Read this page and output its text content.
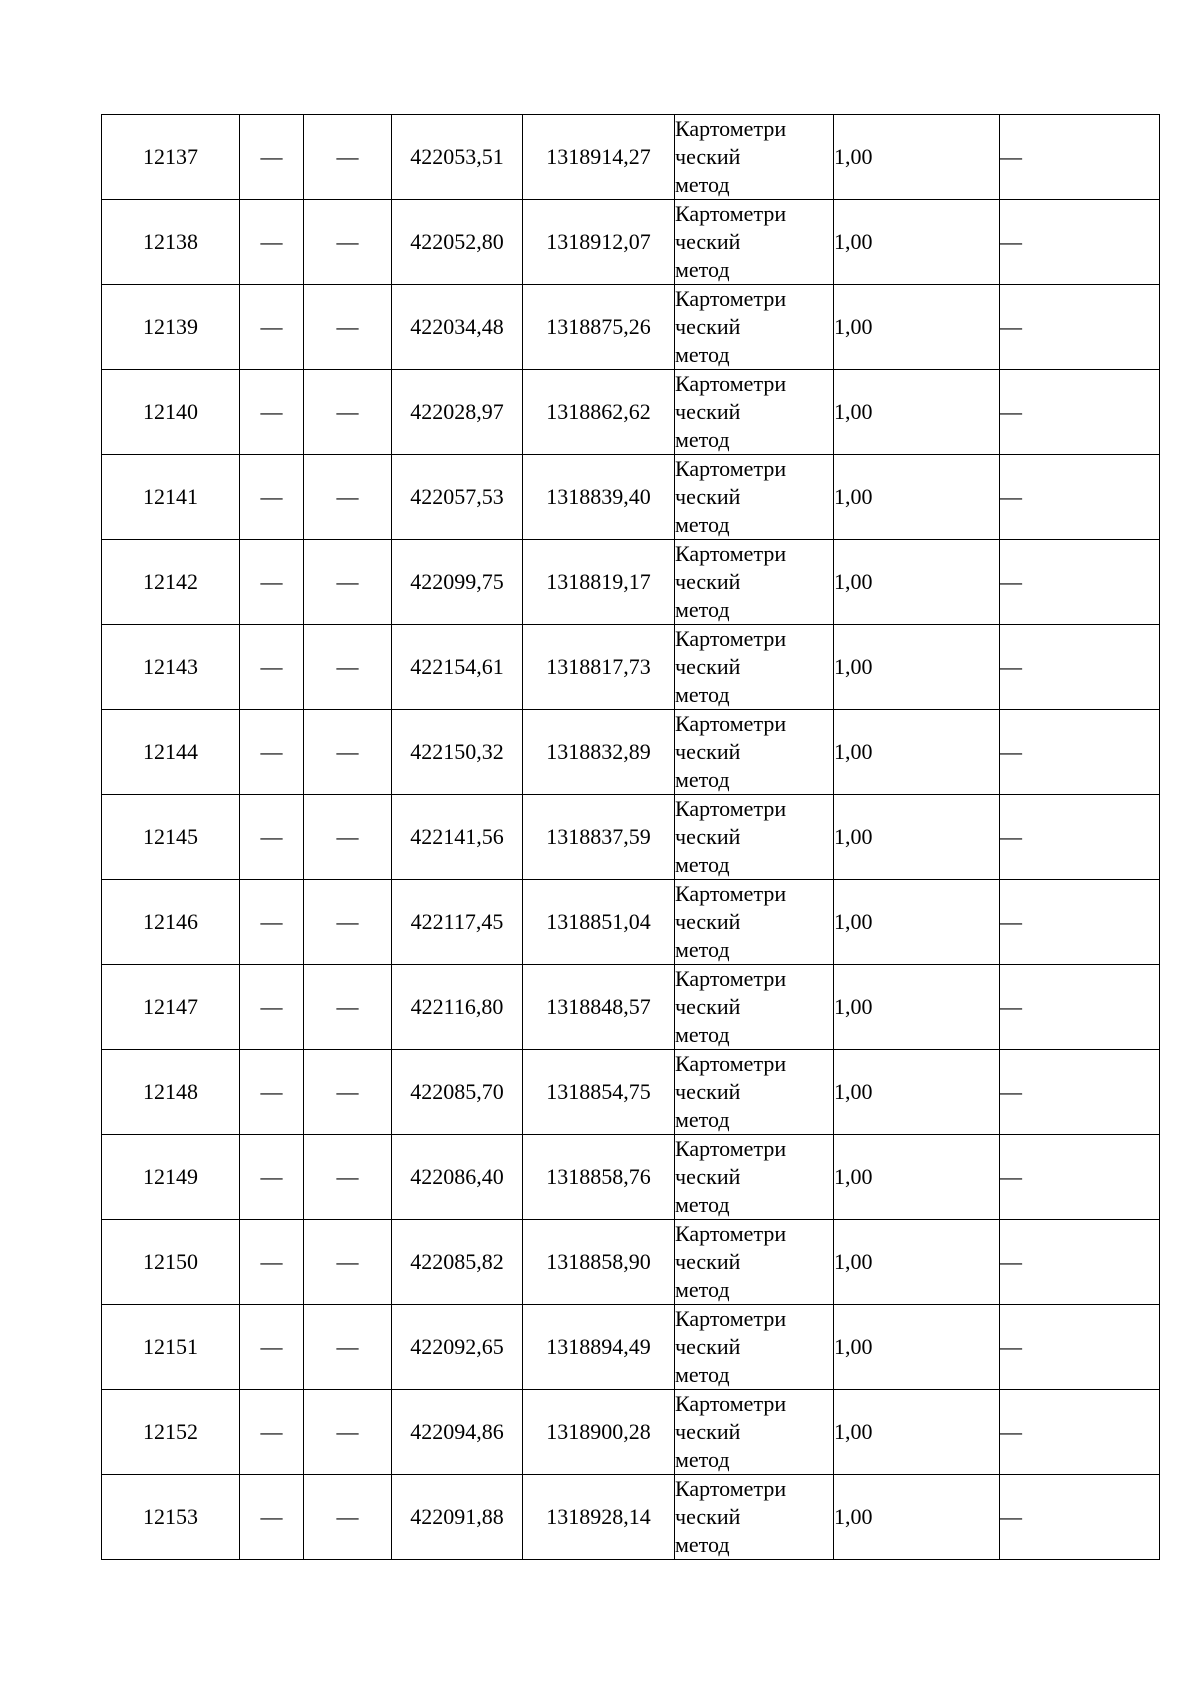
12137	—	—	422053,51	1318914,27	Картометри
ческий
метод	1,00	—
12138	—	—	422052,80	1318912,07	Картометри
ческий
метод	1,00	—
12139	—	—	422034,48	1318875,26	Картометри
ческий
метод	1,00	—
12140	—	—	422028,97	1318862,62	Картометри
ческий
метод	1,00	—
12141	—	—	422057,53	1318839,40	Картометри
ческий
метод	1,00	—
12142	—	—	422099,75	1318819,17	Картометри
ческий
метод	1,00	—
12143	—	—	422154,61	1318817,73	Картометри
ческий
метод	1,00	—
12144	—	—	422150,32	1318832,89	Картометри
ческий
метод	1,00	—
12145	—	—	422141,56	1318837,59	Картометри
ческий
метод	1,00	—
12146	—	—	422117,45	1318851,04	Картометри
ческий
метод	1,00	—
12147	—	—	422116,80	1318848,57	Картометри
ческий
метод	1,00	—
12148	—	—	422085,70	1318854,75	Картометри
ческий
метод	1,00	—
12149	—	—	422086,40	1318858,76	Картометри
ческий
метод	1,00	—
12150	—	—	422085,82	1318858,90	Картометри
ческий
метод	1,00	—
12151	—	—	422092,65	1318894,49	Картометри
ческий
метод	1,00	—
12152	—	—	422094,86	1318900,28	Картометри
ческий
метод	1,00	—
12153	—	—	422091,88	1318928,14	Картометри
ческий
метод	1,00	—
